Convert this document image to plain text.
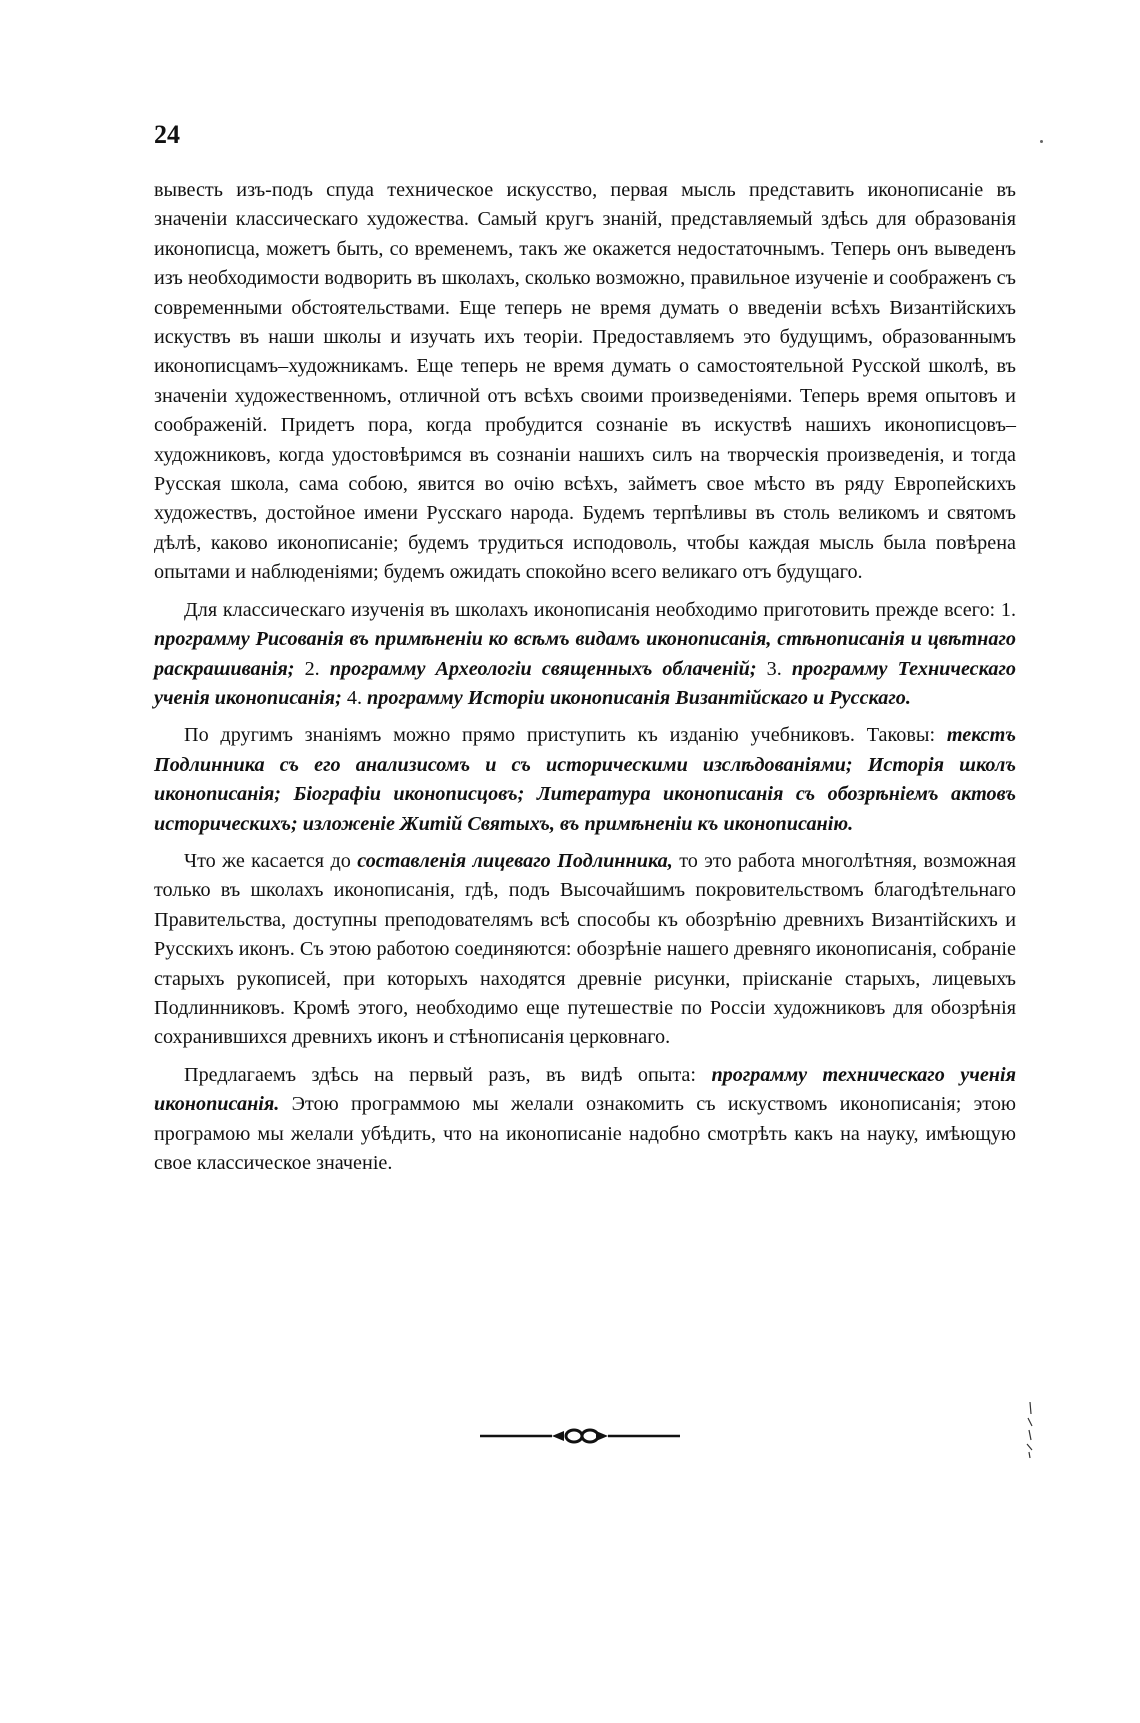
24

вывесть изъ-подъ спуда техническое искусство, первая мысль представить иконописаніе въ значеніи классическаго художества. Самый кругъ знаній, представляемый здѣсь для образованія иконописца, можетъ быть, со временемъ, такъ же окажется недостаточнымъ. Теперь онъ выведенъ изъ необходимости водворить въ школахъ, сколько возможно, правильное изученіе и соображенъ съ современными обстоятельствами. Еще теперь не время думать о введеніи всѣхъ Византійскихъ искуствъ въ наши школы и изучать ихъ теоріи. Предоставляемъ это будущимъ, образованнымъ иконописцамъ–художникамъ. Еще теперь не время думать о самостоятельной Русской школѣ, въ значеніи художественномъ, отличной отъ всѣхъ своими произведеніями. Теперь время опытовъ и соображеній. Придетъ пора, когда пробудится сознаніе въ искуствѣ нашихъ иконописцовъ–художниковъ, когда удостовѣримся въ сознаніи нашихъ силъ на творческія произведенія, и тогда Русская школа, сама собою, явится во очію всѣхъ, займетъ свое мѣсто въ ряду Европейскихъ художествъ, достойное имени Русскаго народа. Будемъ терпѣливы въ столь великомъ и святомъ дѣлѣ, каково иконописаніе; будемъ трудиться исподоволь, чтобы каждая мысль была повѣрена опытами и наблюденіями; будемъ ожидать спокойно всего великаго отъ будущаго.

Для классическаго изученія въ школахъ иконописанія необходимо приготовить прежде всего: 1. программу Рисованія въ примѣненіи ко всѣмъ видамъ иконописанія, стѣнописанія и цвѣтнаго раскрашиванія; 2. программу Археологіи священныхъ облаченій; 3. программу Техническаго ученія иконописанія; 4. программу Исторіи иконописанія Византійскаго и Русскаго.

По другимъ знаніямъ можно прямо приступить къ изданію учебниковъ. Таковы: текстъ Подлинника съ его анализисомъ и съ историческими изслѣдованіями; Исторія школъ иконописанія; Біографіи иконописцовъ; Литература иконописанія съ обозрѣніемъ актовъ историческихъ; изложеніе Житій Святыхъ, въ примѣненіи къ иконописанію.

Что же касается до составленія лицеваго Подлинника, то это работа многолѣтняя, возможная только въ школахъ иконописанія, гдѣ, подъ Высочайшимъ покровительствомъ благодѣтельнаго Правительства, доступны преподователямъ всѣ способы къ обозрѣнію древнихъ Византійскихъ и Русскихъ иконъ. Съ этою работою соединяются: обозрѣніе нашего древняго иконописанія, собраніе старыхъ рукописей, при которыхъ находятся древніе рисунки, пріисканіе старыхъ, лицевыхъ Подлинниковъ. Кромѣ этого, необходимо еще путешествіе по Россіи художниковъ для обозрѣнія сохранившихся древнихъ иконъ и стѣнописанія церковнаго.

Предлагаемъ здѣсь на первый разъ, въ видѣ опыта: программу техническаго ученія иконописанія. Этою программою мы желали ознакомить съ искуствомъ иконописанія; этою програмою мы желали убѣдить, что на иконописаніе надобно смотрѣть какъ на науку, имѣющую свое классическое значеніе.
